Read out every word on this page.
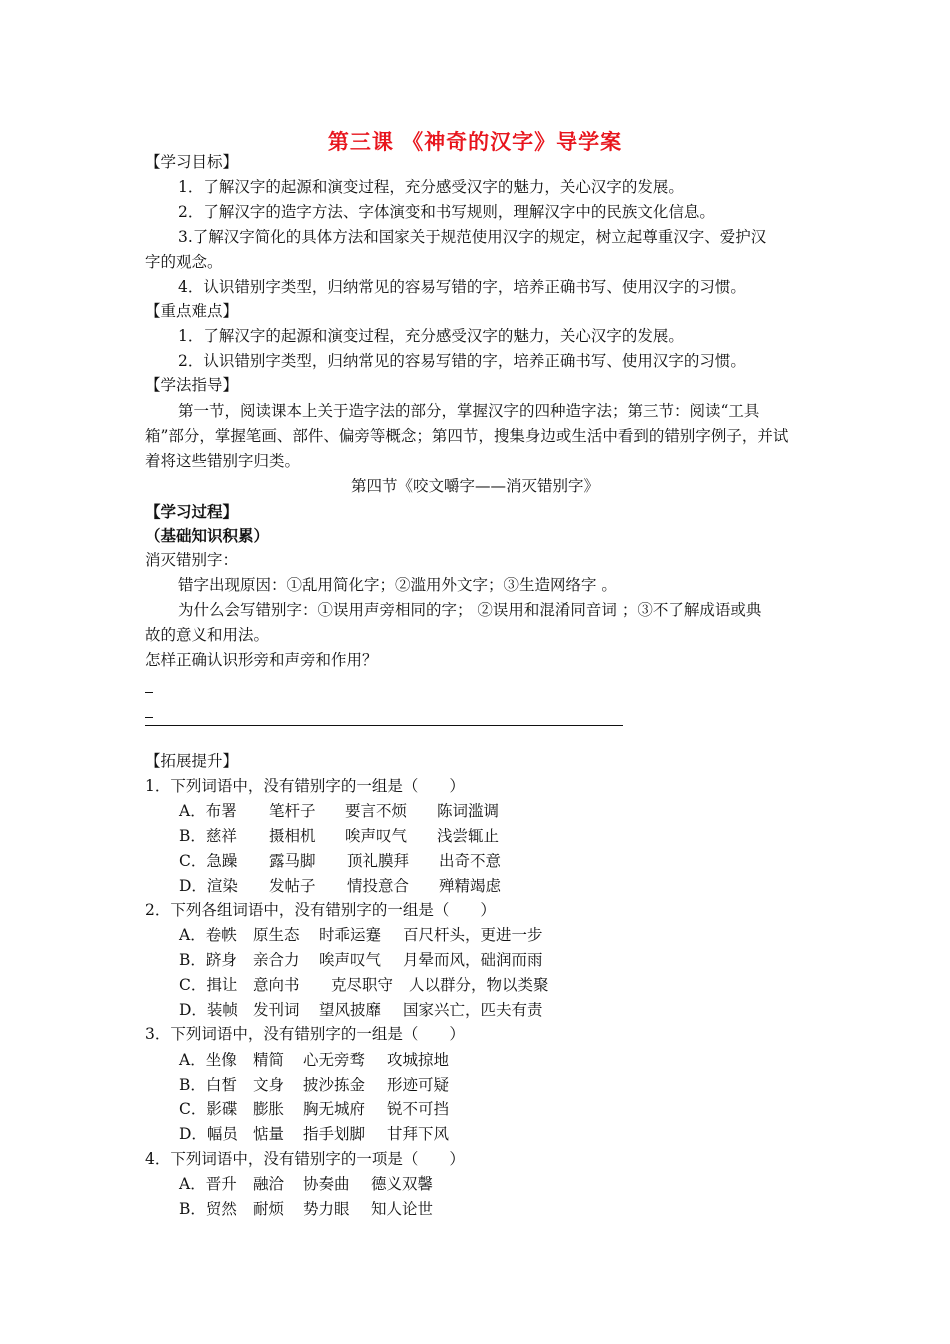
第三课 《神奇的汉字》导学案
【学习目标】
1．了解汉字的起源和演变过程，充分感受汉字的魅力，关心汉字的发展。
2．了解汉字的造字方法、字体演变和书写规则，理解汉字中的民族文化信息。
3.了解汉字简化的具体方法和国家关于规范使用汉字的规定，树立起尊重汉字、爱护汉
字的观念。
4．认识错别字类型，归纳常见的容易写错的字，培养正确书写、使用汉字的习惯。
【重点难点】
1．了解汉字的起源和演变过程，充分感受汉字的魅力，关心汉字的发展。
2．认识错别字类型，归纳常见的容易写错的字，培养正确书写、使用汉字的习惯。
【学法指导】
第一节，阅读课本上关于造字法的部分，掌握汉字的四种造字法；第三节：阅读“工具
箱”部分，掌握笔画、部件、偏旁等概念；第四节，搜集身边或生活中看到的错别字例子，并试
着将这些错别字归类。
第四节《咬文嚼字——消灭错别字》
【学习过程】
（基础知识积累）
消灭错别字：
错字出现原因：①乱用简化字；②滥用外文字；③生造网络字 。
为什么会写错别字：①误用声旁相同的字； ②误用和混淆同音词 ；③不了解成语或典
故的意义和用法。
怎样正确认识形旁和声旁和作用？
【拓展提升】
1．下列词语中，没有错别字的一组是（　　）
A．布署 笔杆子 要言不烦 陈词滥调
B．慈祥 摄相机 唉声叹气 浅尝辄止
C．急躁 露马脚 顶礼膜拜 出奇不意
D．渲染 发帖子 情投意合 殚精竭虑
2．下列各组词语中，没有错别字的一组是（　　）
A．卷帙 原生态 时乖运蹇 百尺杆头，更进一步
B．跻身 亲合力 唉声叹气 月晕而风，础润而雨
C．揖让 意向书 克尽职守 人以群分，物以类聚
D．装帧 发刊词 望风披靡 国家兴亡，匹夫有责
3．下列词语中，没有错别字的一组是（　　）
A．坐像 精简 心无旁骛 攻城掠地
B．白皙 文身 披沙拣金 形迹可疑
C．影碟 膨胀 胸无城府 锐不可挡
D．幅员 惦量 指手划脚 甘拜下风
4．下列词语中，没有错别字的一项是（　　）
A．晋升 融洽 协奏曲 德义双馨
B．贸然 耐烦 势力眼 知人论世
